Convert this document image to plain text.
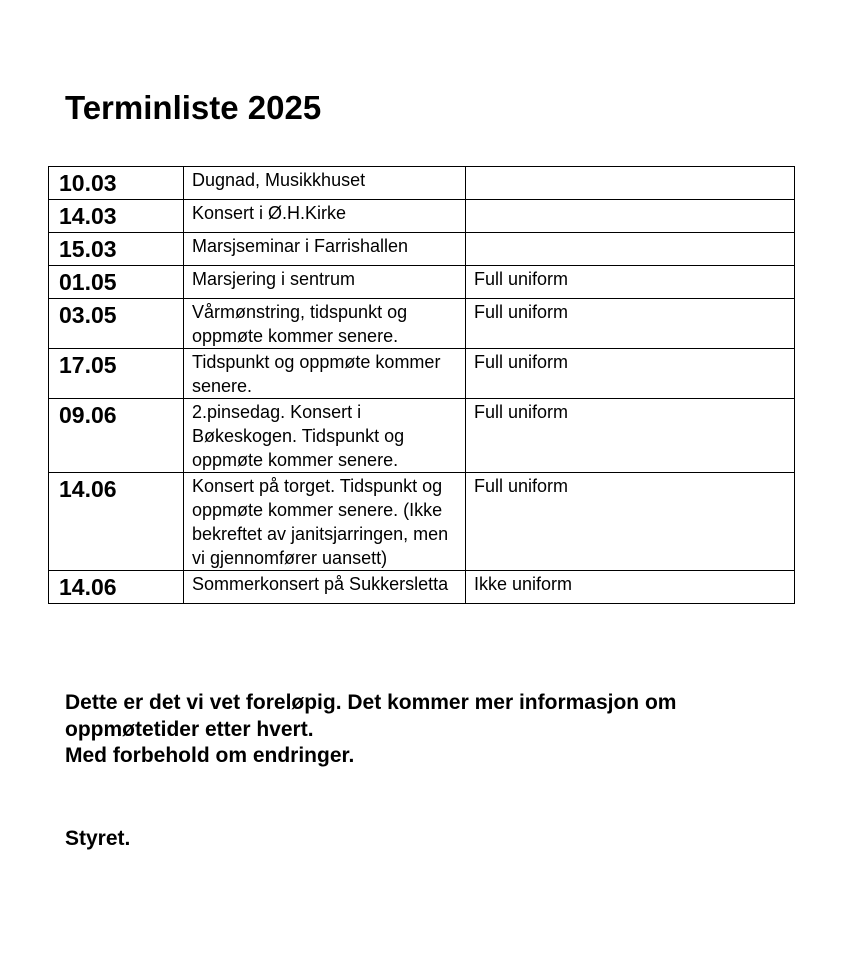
Terminliste 2025
10.03	Dugnad, Musikkhuset	
14.03	Konsert i Ø.H.Kirke	
15.03	Marsjseminar i Farrishallen	
01.05	Marsjering i sentrum	Full uniform
03.05	Vårmønstring, tidspunkt og oppmøte kommer senere.	Full uniform
17.05	Tidspunkt og oppmøte kommer senere.	Full uniform
09.06	2.pinsedag. Konsert i Bøkeskogen. Tidspunkt og oppmøte kommer senere.	Full uniform
14.06	Konsert på torget. Tidspunkt og oppmøte kommer senere. (Ikke bekreftet av janitsjarringen, men vi gjennomfører uansett)	Full uniform
14.06	Sommerkonsert på Sukkersletta	Ikke uniform

Dette er det vi vet foreløpig. Det kommer mer informasjon om oppmøtetider etter hvert.
Med forbehold om endringer.

Styret.
